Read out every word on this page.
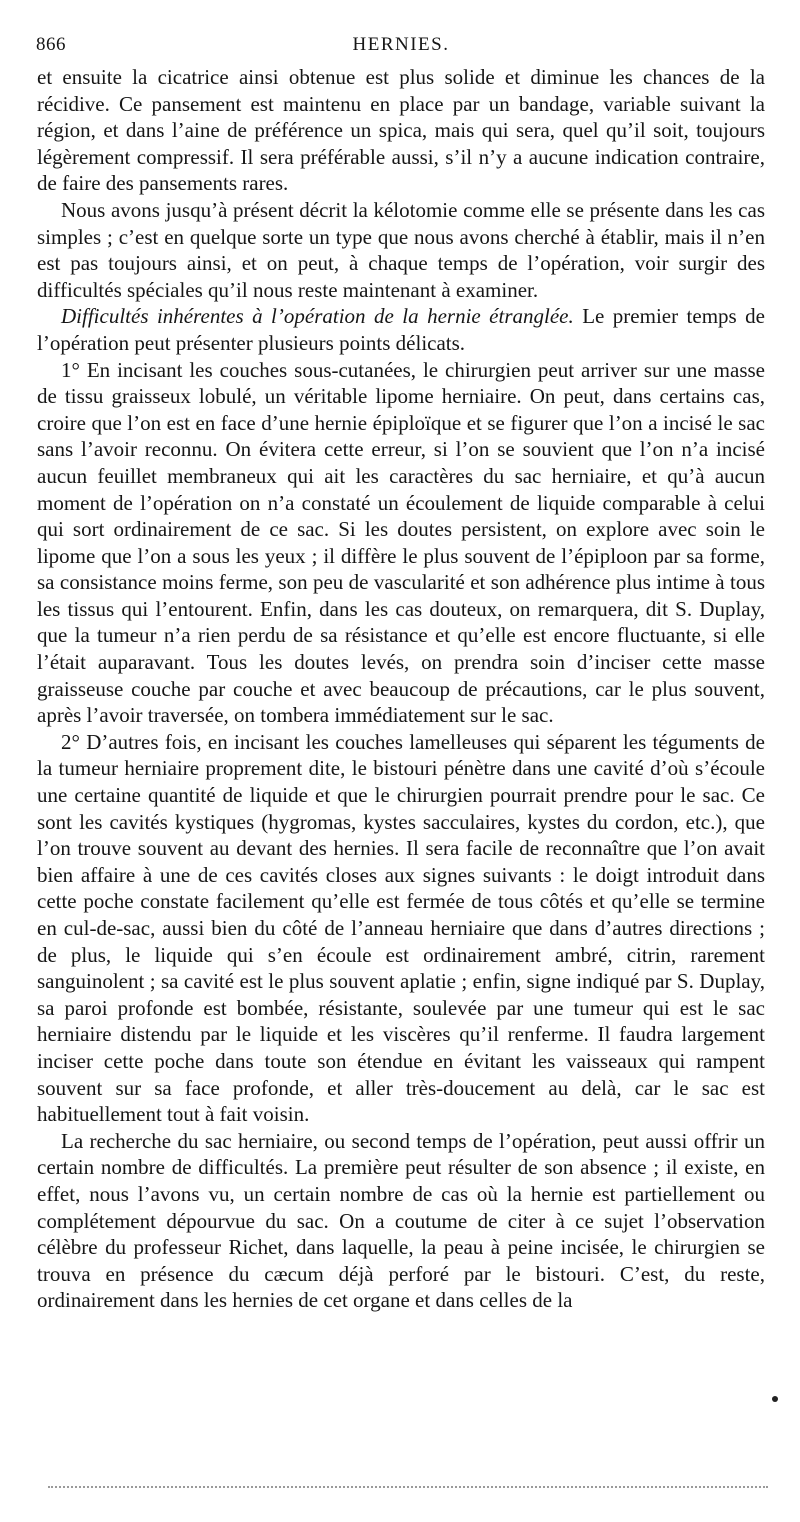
866	HERNIES.

et ensuite la cicatrice ainsi obtenue est plus solide et diminue les chances de la récidive. Ce pansement est maintenu en place par un bandage, variable suivant la région, et dans l’aine de préférence un spica, mais qui sera, quel qu’il soit, toujours légèrement compressif. Il sera préférable aussi, s’il n’y a aucune indication contraire, de faire des pansements rares.

Nous avons jusqu’à présent décrit la kélotomie comme elle se présente dans les cas simples ; c’est en quelque sorte un type que nous avons cherché à établir, mais il n’en est pas toujours ainsi, et on peut, à chaque temps de l’opération, voir surgir des difficultés spéciales qu’il nous reste maintenant à examiner.

Difficultés inhérentes à l’opération de la hernie étranglée. Le premier temps de l’opération peut présenter plusieurs points délicats.

1° En incisant les couches sous-cutanées, le chirurgien peut arriver sur une masse de tissu graisseux lobulé, un véritable lipome herniaire. On peut, dans certains cas, croire que l’on est en face d’une hernie épiploïque et se figurer que l’on a incisé le sac sans l’avoir reconnu. On évitera cette erreur, si l’on se souvient que l’on n’a incisé aucun feuillet membraneux qui ait les caractères du sac herniaire, et qu’à aucun moment de l’opération on n’a constaté un écoulement de liquide comparable à celui qui sort ordinairement de ce sac. Si les doutes persistent, on explore avec soin le lipome que l’on a sous les yeux ; il diffère le plus souvent de l’épiploon par sa forme, sa consistance moins ferme, son peu de vascularité et son adhérence plus intime à tous les tissus qui l’entourent. Enfin, dans les cas douteux, on remarquera, dit S. Duplay, que la tumeur n’a rien perdu de sa résistance et qu’elle est encore fluctuante, si elle l’était auparavant. Tous les doutes levés, on prendra soin d’inciser cette masse graisseuse couche par couche et avec beaucoup de précautions, car le plus souvent, après l’avoir traversée, on tombera immédiatement sur le sac.

2° D’autres fois, en incisant les couches lamelleuses qui séparent les téguments de la tumeur herniaire proprement dite, le bistouri pénètre dans une cavité d’où s’écoule une certaine quantité de liquide et que le chirurgien pourrait prendre pour le sac. Ce sont les cavités kystiques (hygromas, kystes sacculaires, kystes du cordon, etc.), que l’on trouve souvent au devant des hernies. Il sera facile de reconnaître que l’on avait bien affaire à une de ces cavités closes aux signes suivants : le doigt introduit dans cette poche constate facilement qu’elle est fermée de tous côtés et qu’elle se termine en cul-de-sac, aussi bien du côté de l’anneau herniaire que dans d’autres directions ; de plus, le liquide qui s’en écoule est ordinairement ambré, citrin, rarement sanguinolent ; sa cavité est le plus souvent aplatie ; enfin, signe indiqué par S. Duplay, sa paroi profonde est bombée, résistante, soulevée par une tumeur qui est le sac herniaire distendu par le liquide et les viscères qu’il renferme. Il faudra largement inciser cette poche dans toute son étendue en évitant les vaisseaux qui rampent souvent sur sa face profonde, et aller très-doucement au delà, car le sac est habituellement tout à fait voisin.

La recherche du sac herniaire, ou second temps de l’opération, peut aussi offrir un certain nombre de difficultés. La première peut résulter de son absence ; il existe, en effet, nous l’avons vu, un certain nombre de cas où la hernie est partiellement ou complétement dépourvue du sac. On a coutume de citer à ce sujet l’observation célèbre du professeur Richet, dans laquelle, la peau à peine incisée, le chirurgien se trouva en présence du cæcum déjà perforé par le bistouri. C’est, du reste, ordinairement dans les hernies de cet organe et dans celles de la
